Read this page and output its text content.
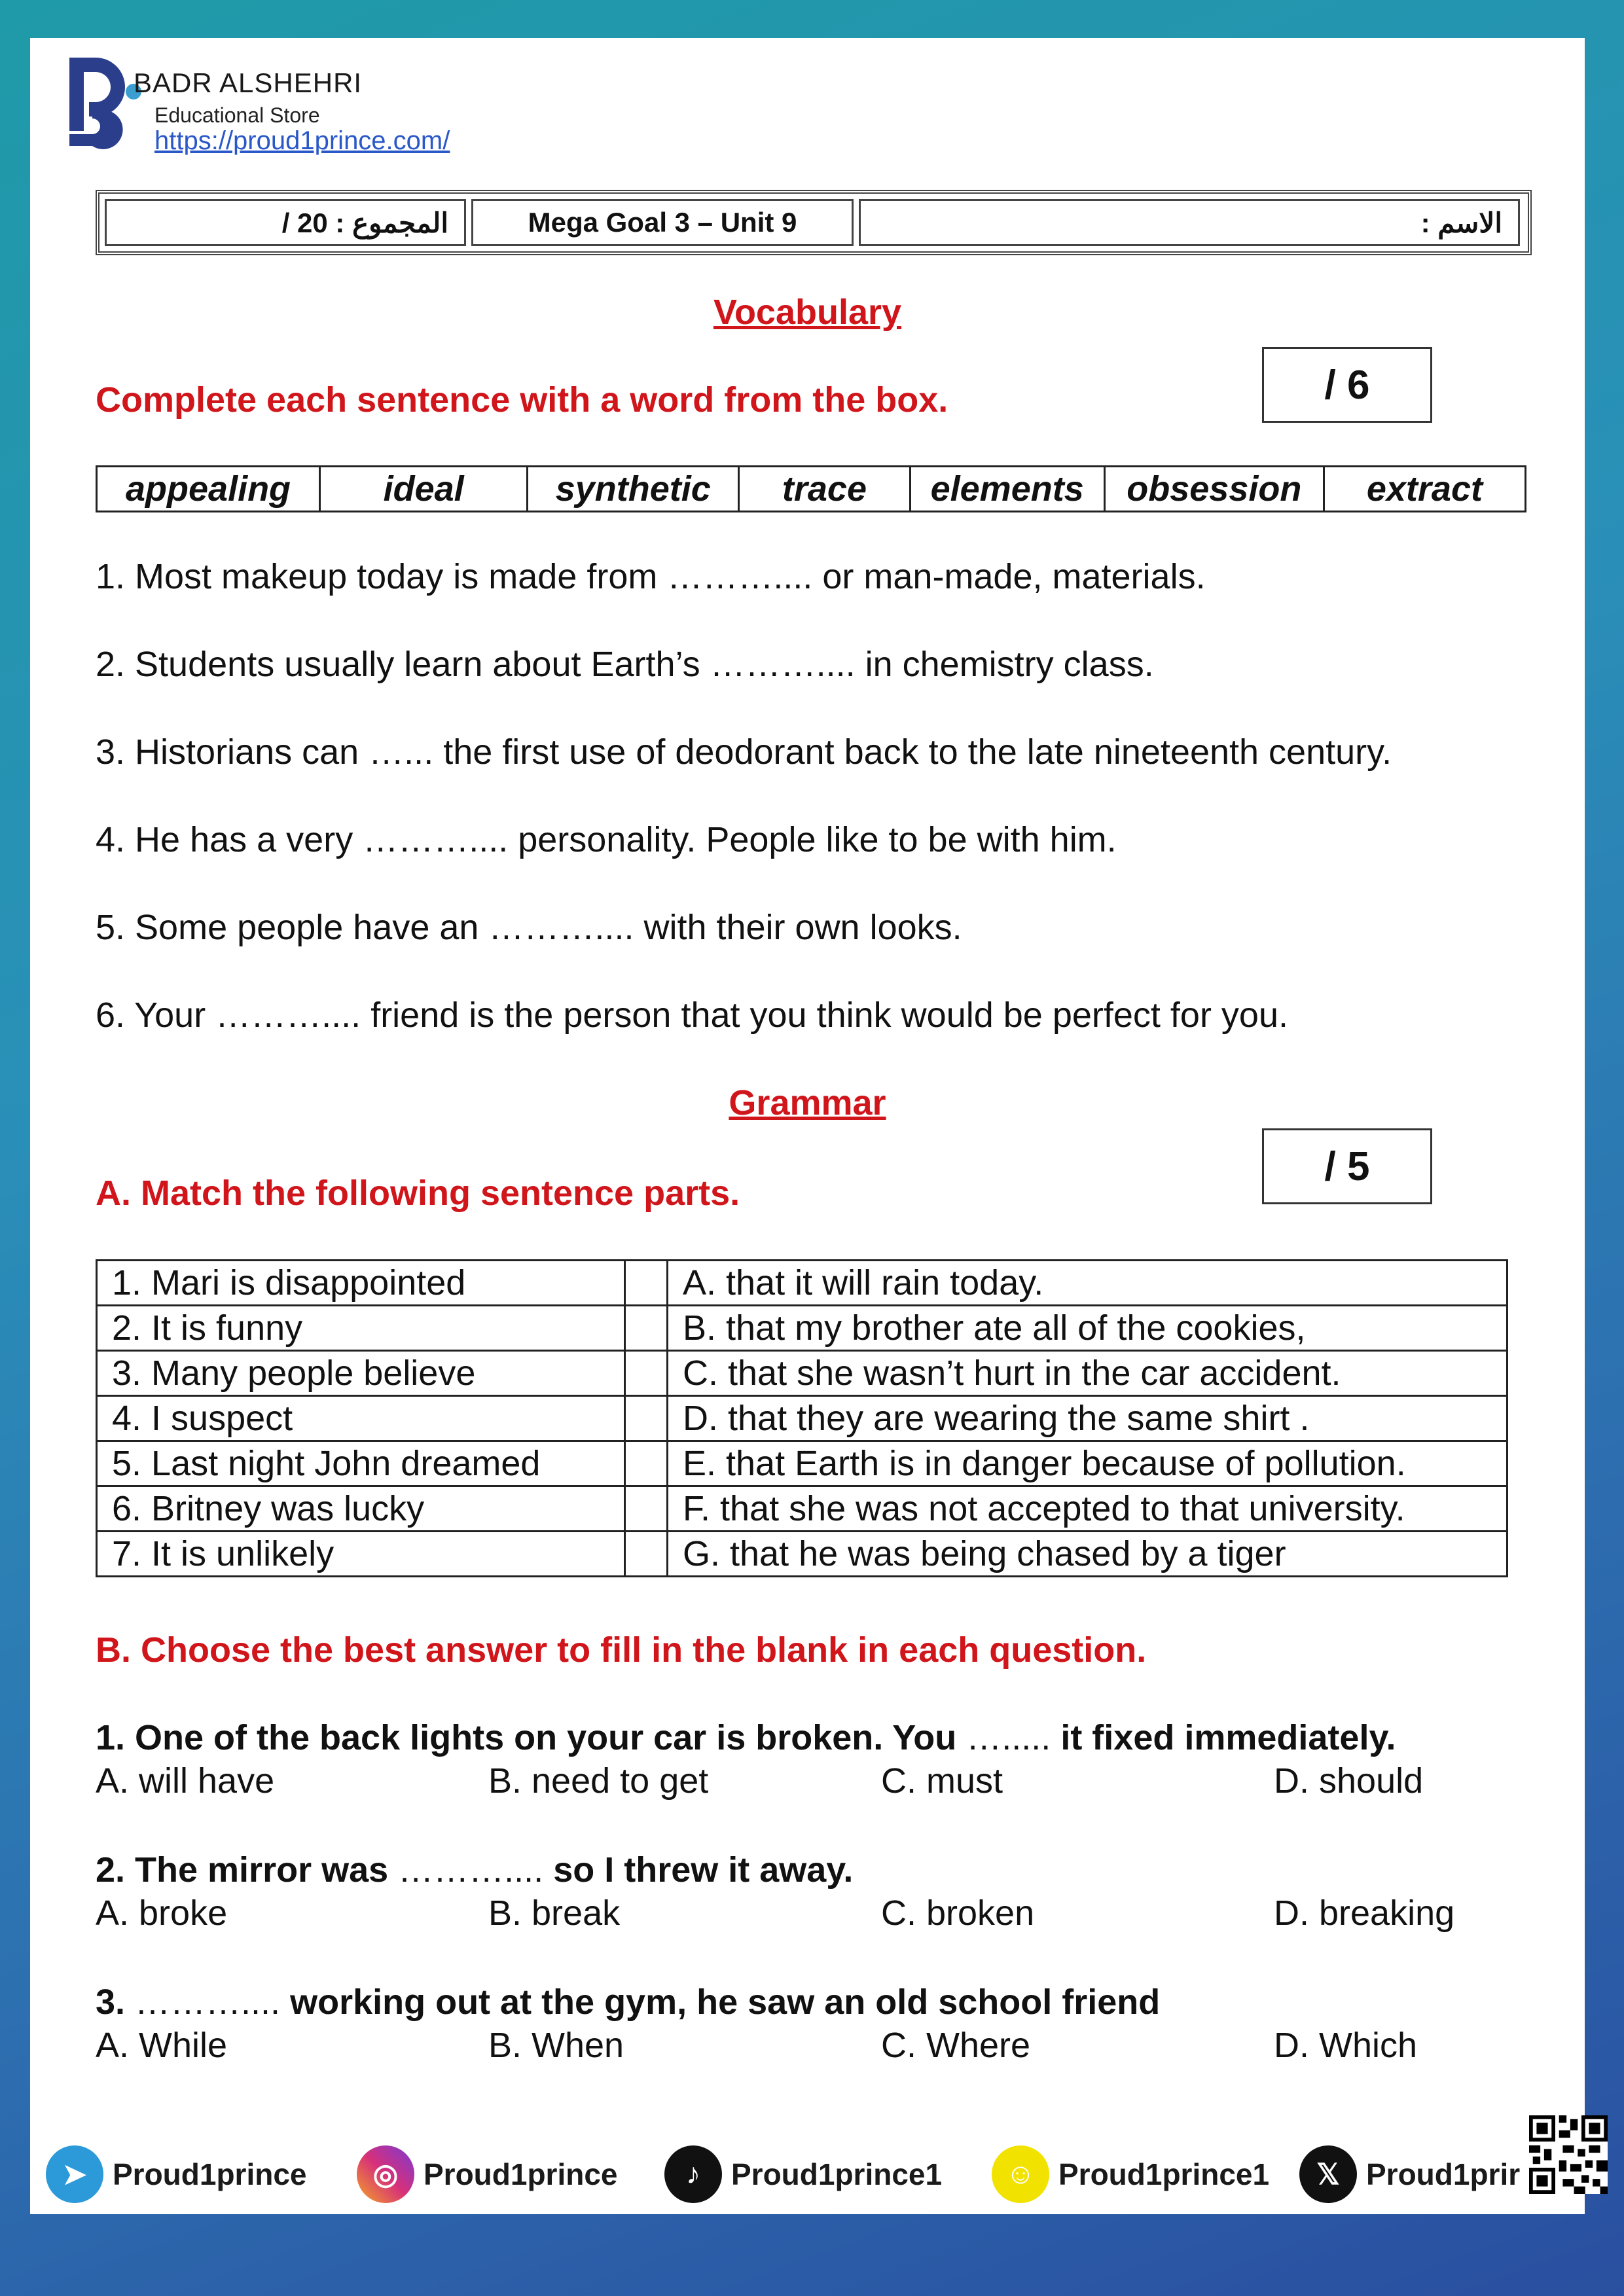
BADR ALSHEHRI
Educational Store
https://proud1prince.com/
المجموع : 20 /	Mega Goal 3 – Unit 9	الاسم :
Vocabulary
Complete each sentence with a word from the box.	/ 6
appealing	ideal	synthetic	trace	elements	obsession	extract
1. Most makeup today is made from ……….... or man-made, materials.
2. Students usually learn about Earth’s ……….... in chemistry class.
3. Historians can …... the first use of deodorant back to the late nineteenth century.
4. He has a very ……….... personality. People like to be with him.
5. Some people have an ……….... with their own looks.
6. Your ……….... friend is the person that you think would be perfect for you.
Grammar
A. Match the following sentence parts.
/ 5
1. Mari is disappointed		A. that it will rain today.
2. It is funny		B. that my brother ate all of the cookies,
3. Many people believe		C. that she wasn’t hurt in the car accident.
4. I suspect		D. that they are wearing the same shirt .
5. Last night John dreamed		E. that Earth is in danger because of pollution.
6. Britney was lucky		F. that she was not accepted to that university.
7. It is unlikely		G. that he was being chased by a tiger
B. Choose the best answer to fill in the blank in each question.
1. One of the back lights on your car is broken. You …..... it fixed immediately.
A. will have	B. need to get	C. must	D. should
2. The mirror was ……….... so I threw it away.
A. broke	B. break	C. broken	D. breaking
3. ……….... working out at the gym, he saw an old school friend
A. While	B. When	C. Where	D. Which
➤ Proud1prince	◎ Proud1prince	♪	Proud1prince1	☺ Proud1prince1	𝕏 Proud1prir
